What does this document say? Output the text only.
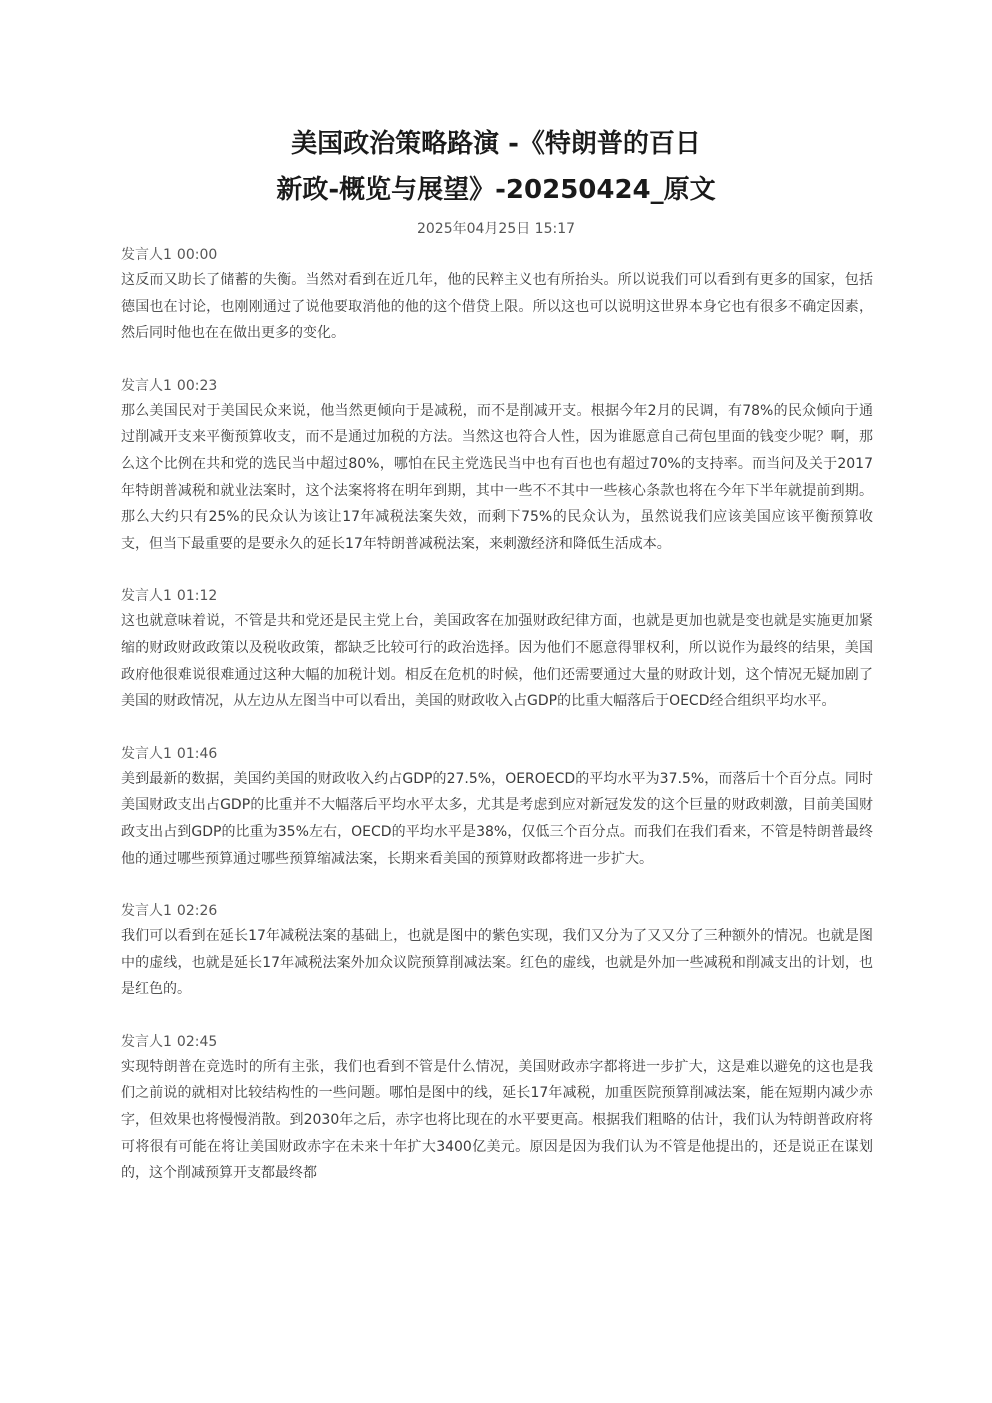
美国政治策略路演 -《特朗普的百日
新政-概览与展望》-20250424_原文
2025年04月25日 15:17
发言人1 00:00

这反而又助长了储蓄的失衡。当然对看到在近几年，他的民粹主义也有所抬头。所以说我们可以看到有更多的国家，包括德国也在讨论，也刚刚通过了说他要取消他的他的这个借贷上限。所以这也可以说明这世界本身它也有很多不确定因素，然后同时他也在在做出更多的变化。

发言人1 00:23

那么美国民对于美国民众来说，他当然更倾向于是减税，而不是削减开支。根据今年2月的民调，有78%的民众倾向于通过削减开支来平衡预算收支，而不是通过加税的方法。当然这也符合人性，因为谁愿意自己荷包里面的钱变少呢？啊，那么这个比例在共和党的选民当中超过80%，哪怕在民主党选民当中也有百也也有超过70%的支持率。而当问及关于2017年特朗普减税和就业法案时，这个法案将将在明年到期，其中一些不不其中一些核心条款也将在今年下半年就提前到期。那么大约只有25%的民众认为该让17年减税法案失效，而剩下75%的民众认为，虽然说我们应该美国应该平衡预算收支，但当下最重要的是要永久的延长17年特朗普减税法案，来刺激经济和降低生活成本。

发言人1 01:12

这也就意味着说，不管是共和党还是民主党上台，美国政客在加强财政纪律方面，也就是更加也就是变也就是实施更加紧缩的财政财政政策以及税收政策，都缺乏比较可行的政治选择。因为他们不愿意得罪权利，所以说作为最终的结果，美国政府他很难说很难通过这种大幅的加税计划。相反在危机的时候，他们还需要通过大量的财政计划，这个情况无疑加剧了美国的财政情况，从左边从左图当中可以看出，美国的财政收入占GDP的比重大幅落后于OECD经合组织平均水平。

发言人1 01:46

美到最新的数据，美国约美国的财政收入约占GDP的27.5%，OEROECD的平均水平为37.5%，而落后十个百分点。同时美国财政支出占GDP的比重并不大幅落后平均水平太多，尤其是考虑到应对新冠发发的这个巨量的财政刺激，目前美国财政支出占到GDP的比重为35%左右，OECD的平均水平是38%，仅低三个百分点。而我们在我们看来，不管是特朗普最终他的通过哪些预算通过哪些预算缩减法案，长期来看美国的预算财政都将进一步扩大。

发言人1 02:26

我们可以看到在延长17年减税法案的基础上，也就是图中的紫色实现，我们又分为了又又分了三种额外的情况。也就是图中的虚线，也就是延长17年减税法案外加众议院预算削减法案。红色的虚线，也就是外加一些减税和削减支出的计划，也是红色的。

发言人1 02:45

实现特朗普在竞选时的所有主张，我们也看到不管是什么情况，美国财政赤字都将进一步扩大，这是难以避免的这也是我们之前说的就相对比较结构性的一些问题。哪怕是图中的线，延长17年减税，加重医院预算削减法案，能在短期内减少赤字，但效果也将慢慢消散。到2030年之后，赤字也将比现在的水平要更高。根据我们粗略的估计，我们认为特朗普政府将可将很有可能在将让美国财政赤字在未来十年扩大3400亿美元。原因是因为我们认为不管是他提出的，还是说正在谋划的，这个削减预算开支都最终都
